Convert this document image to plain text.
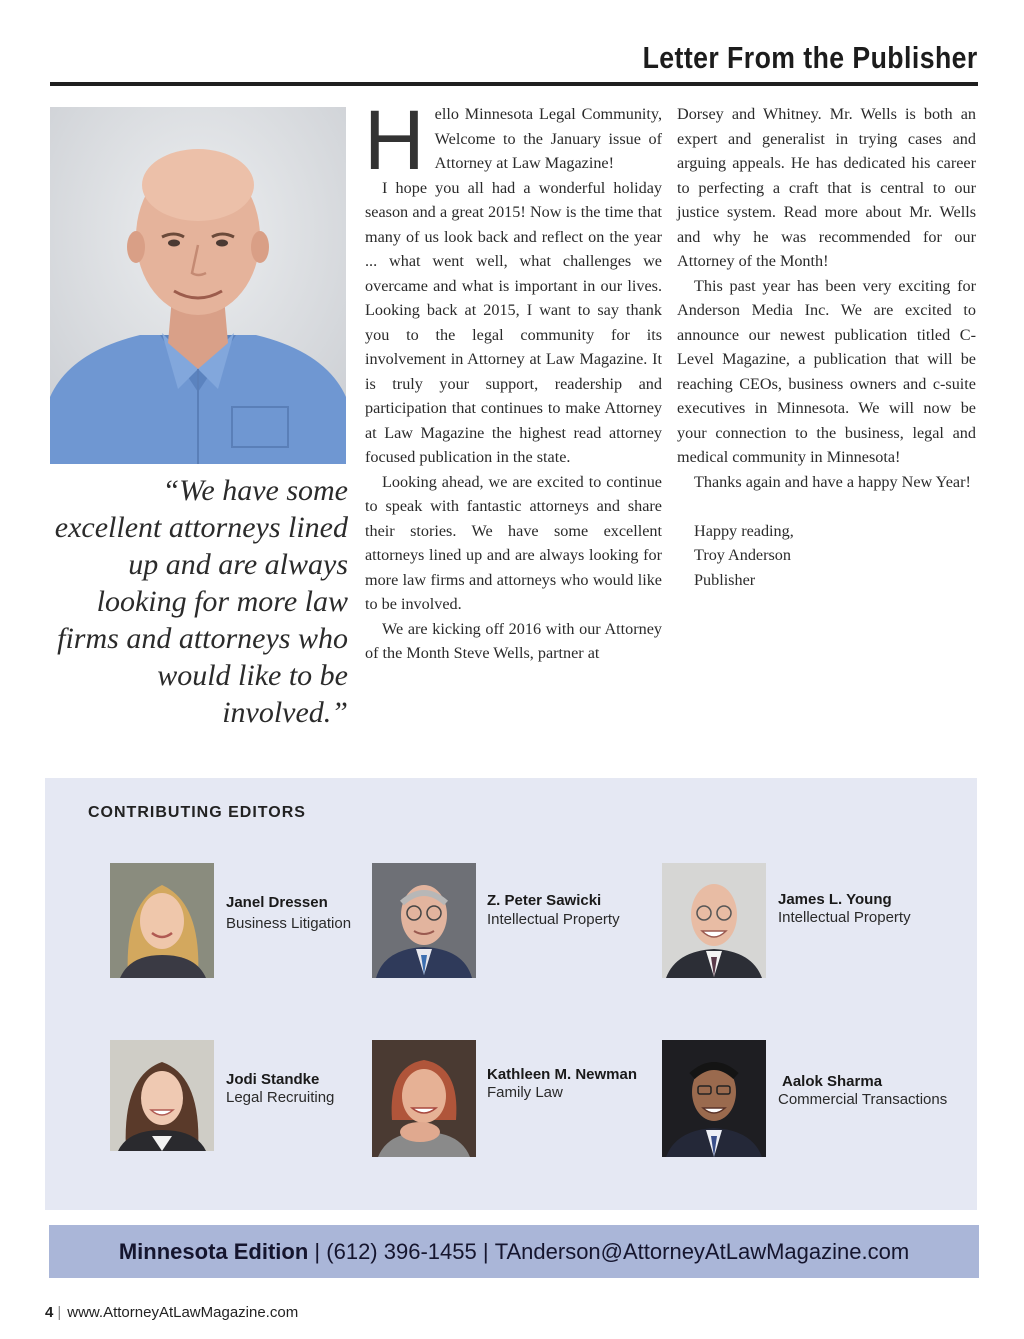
Letter From the Publisher
“We have some excellent attorneys lined up and are always looking for more law firms and attorneys who would like to be involved.”

Hello Minnesota Legal Community, Welcome to the January issue of Attorney at Law Magazine!

I hope you all had a wonderful holiday season and a great 2015! Now is the time that many of us look back and reflect on the year ... what went well, what challenges we overcame and what is important in our lives. Looking back at 2015, I want to say thank you to the legal community for its involvement in Attorney at Law Magazine. It is truly your support, readership and participation that continues to make Attorney at Law Magazine the highest read attorney focused publication in the state.

Looking ahead, we are excited to continue to speak with fantastic attorneys and share their stories. We have some excellent attorneys lined up and are always looking for more law firms and attorneys who would like to be involved.

We are kicking off 2016 with our Attorney of the Month Steve Wells, partner at

Dorsey and Whitney. Mr. Wells is both an expert and generalist in trying cases and arguing appeals. He has dedicated his career to perfecting a craft that is central to our justice system. Read more about Mr. Wells and why he was recommended for our Attorney of the Month!

This past year has been very exciting for Anderson Media Inc. We are excited to announce our newest publication titled C-Level Magazine, a publication that will be reaching CEOs, business owners and c-suite executives in Minnesota. We will now be your connection to the business, legal and medical community in Minnesota!

Thanks again and have a happy New Year!

Happy reading,
Troy Anderson
Publisher
CONTRIBUTING EDITORS
Janel Dressen
Business Litigation
Z. Peter Sawicki
Intellectual Property
James L. Young
Intellectual Property
Jodi Standke
Legal Recruiting
Kathleen M. Newman
Family Law
Aalok Sharma
Commercial Transactions
Minnesota Edition
|
(612) 396-1455
|
TAnderson@AttorneyAtLawMagazine.com
4 | www.AttorneyAtLawMagazine.com
